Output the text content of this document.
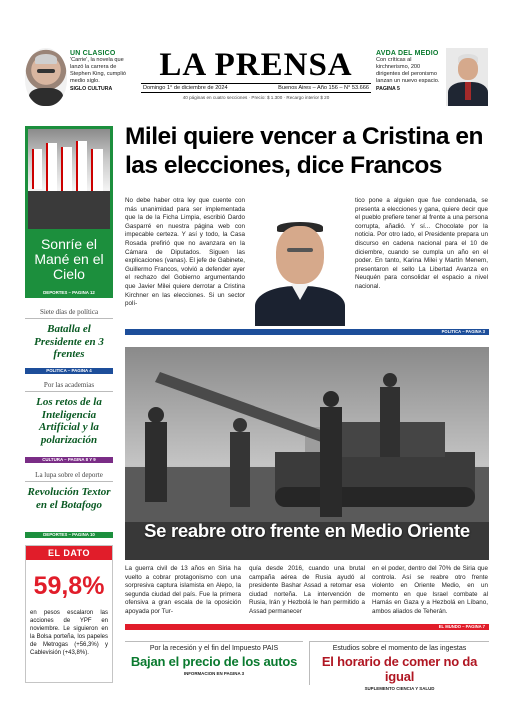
UN CLASICO
'Carrie', la novela que lanzó la carrera de Stephen King, cumplió medio siglo.
SIGLO CULTURA
LA PRENSA
Domingo 1° de diciembre de 2024	Buenos Aires – Año 156 – N° 53.666
40 páginas en cuatro secciones · Precio: $ 1.300 · Recargo interior $ 20
AVDA DEL MEDIO
Con críticas al kirchnerismo, 200 dirigentes del peronismo lanzan un nuevo espacio.
PAGINA 5
Sonríe el Mané en el Cielo
DEPORTES – PAGINA 12
Siete días de política
Batalla el Presidente en 3 frentes
POLITICA – PAGINA 4
Por las academias
Los retos de la Inteligencia Artificial y la polarización
CULTURA – PAGINA 8 Y 9
La lupa sobre el deporte
Revolución Textor en el Botafogo
DEPORTES – PAGINA 10
EL DATO
59,8%
en pesos escalaron las acciones de YPF en noviembre. Le siguieron en la Bolsa porteña, los papeles de Metrogas (+56,3%) y Cablevisión (+43,8%).
Milei quiere vencer a Cristina en las elecciones, dice Francos
No debe haber otra ley que cuente con más unanimidad para ser implementada que la de la Ficha Limpia, escribió Dardo Gasparré en nuestra página web con impecable certeza. Y así y todo, la Casa Rosada prefirió que no avanzara en la Cámara de Diputados. Siguen las explicaciones (vanas). El jefe de Gabinete, Guillermo Francos, volvió a defender ayer el rechazo del Gobierno argumentando que Javier Milei quiere derrotar a Cristina Kirchner en las elecciones. Si un sector polí-
tico pone a alguien que fue condenada, se presenta a elecciones y gana, quiere decir que el pueblo prefiere tener al frente a una persona corrupta, añadió. Y sí... Chocolate por la noticia. Por otro lado, el Presidente prepara un discurso en cadena nacional para el 10 de diciembre, cuando se cumpla un año en el poder. En tanto, Karina Milei y Martín Menem, presentaron el sello La Libertad Avanza en Neuquén para consolidar el espacio a nivel nacional.
POLITICA – PAGINA 3
Se reabre otro frente en Medio Oriente
La guerra civil de 13 años en Siria ha vuelto a cobrar protagonismo con una sorpresiva captura islamista en Alepo, la segunda ciudad del país. Fue la primera ofensiva a gran escala de la oposición apoyada por Tur-
quía desde 2016, cuando una brutal campaña aérea de Rusia ayudó al presidente Bashar Assad a retomar esa ciudad norteña. La intervención de Rusia, Irán y Hezbolá le han permitido a Assad permanecer
en el poder, dentro del 70% de Siria que controla. Así se reabre otro frente violento en Oriente Medio, en un momento en que Israel combate al Hamás en Gaza y a Hezbolá en Líbano, ambos aliados de Teherán.
EL MUNDO – PAGINA 7
Por la recesión y el fin del Impuesto PAIS
Bajan el precio de los autos
INFORMACION EN PAGINA 3
Estudios sobre el momento de las ingestas
El horario de comer no da igual
SUPLEMENTO CIENCIA Y SALUD
